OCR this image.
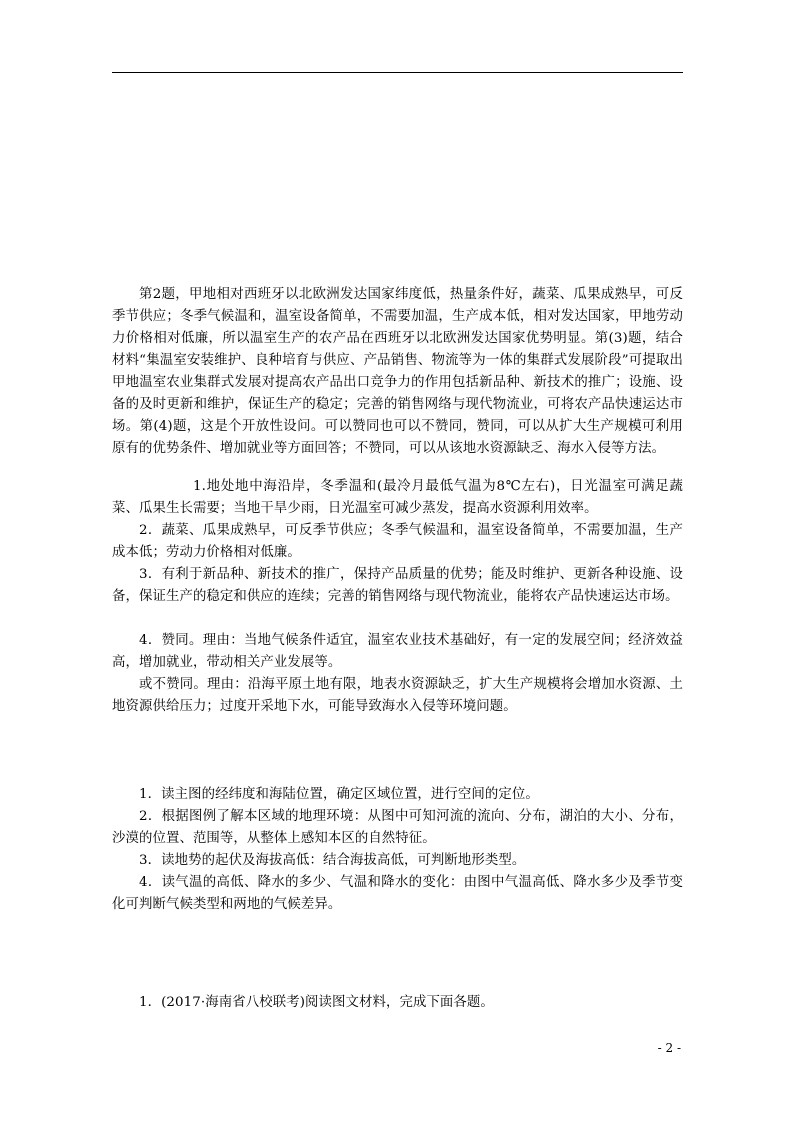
第2题，甲地相对西班牙以北欧洲发达国家纬度低，热量条件好，蔬菜、瓜果成熟早，可反季节供应；冬季气候温和，温室设备简单，不需要加温，生产成本低，相对发达国家，甲地劳动力价格相对低廉，所以温室生产的农产品在西班牙以北欧洲发达国家优势明显。第(3)题，结合材料“集温室安装维护、良种培育与供应、产品销售、物流等为一体的集群式发展阶段”可提取出甲地温室农业集群式发展对提高农产品出口竞争力的作用包括新品种、新技术的推广；设施、设备的及时更新和维护，保证生产的稳定；完善的销售网络与现代物流业，可将农产品快速运达市场。第(4)题，这是个开放性设问。可以赞同也可以不赞同，赞同，可以从扩大生产规模可利用原有的优势条件、增加就业等方面回答；不赞同，可以从该地水资源缺乏、海水入侵等方法。

1.地处地中海沿岸，冬季温和(最冷月最低气温为8℃左右)，日光温室可满足蔬菜、瓜果生长需要；当地干旱少雨，日光温室可减少蒸发，提高水资源利用效率。

2．蔬菜、瓜果成熟早，可反季节供应；冬季气候温和，温室设备简单，不需要加温，生产成本低；劳动力价格相对低廉。

3．有利于新品种、新技术的推广，保持产品质量的优势；能及时维护、更新各种设施、设备，保证生产的稳定和供应的连续；完善的销售网络与现代物流业，能将农产品快速运达市场。

4．赞同。理由：当地气候条件适宜，温室农业技术基础好，有一定的发展空间；经济效益高，增加就业，带动相关产业发展等。

或不赞同。理由：沿海平原土地有限，地表水资源缺乏，扩大生产规模将会增加水资源、土地资源供给压力；过度开采地下水，可能导致海水入侵等环境问题。

1．读主图的经纬度和海陆位置，确定区域位置，进行空间的定位。

2．根据图例了解本区域的地理环境：从图中可知河流的流向、分布，湖泊的大小、分布，沙漠的位置、范围等，从整体上感知本区的自然特征。

3．读地势的起伏及海拔高低：结合海拔高低，可判断地形类型。

4．读气温的高低、降水的多少、气温和降水的变化：由图中气温高低、降水多少及季节变化可判断气候类型和两地的气候差异。

1．(2017·海南省八校联考)阅读图文材料，完成下面各题。

- 2 -
